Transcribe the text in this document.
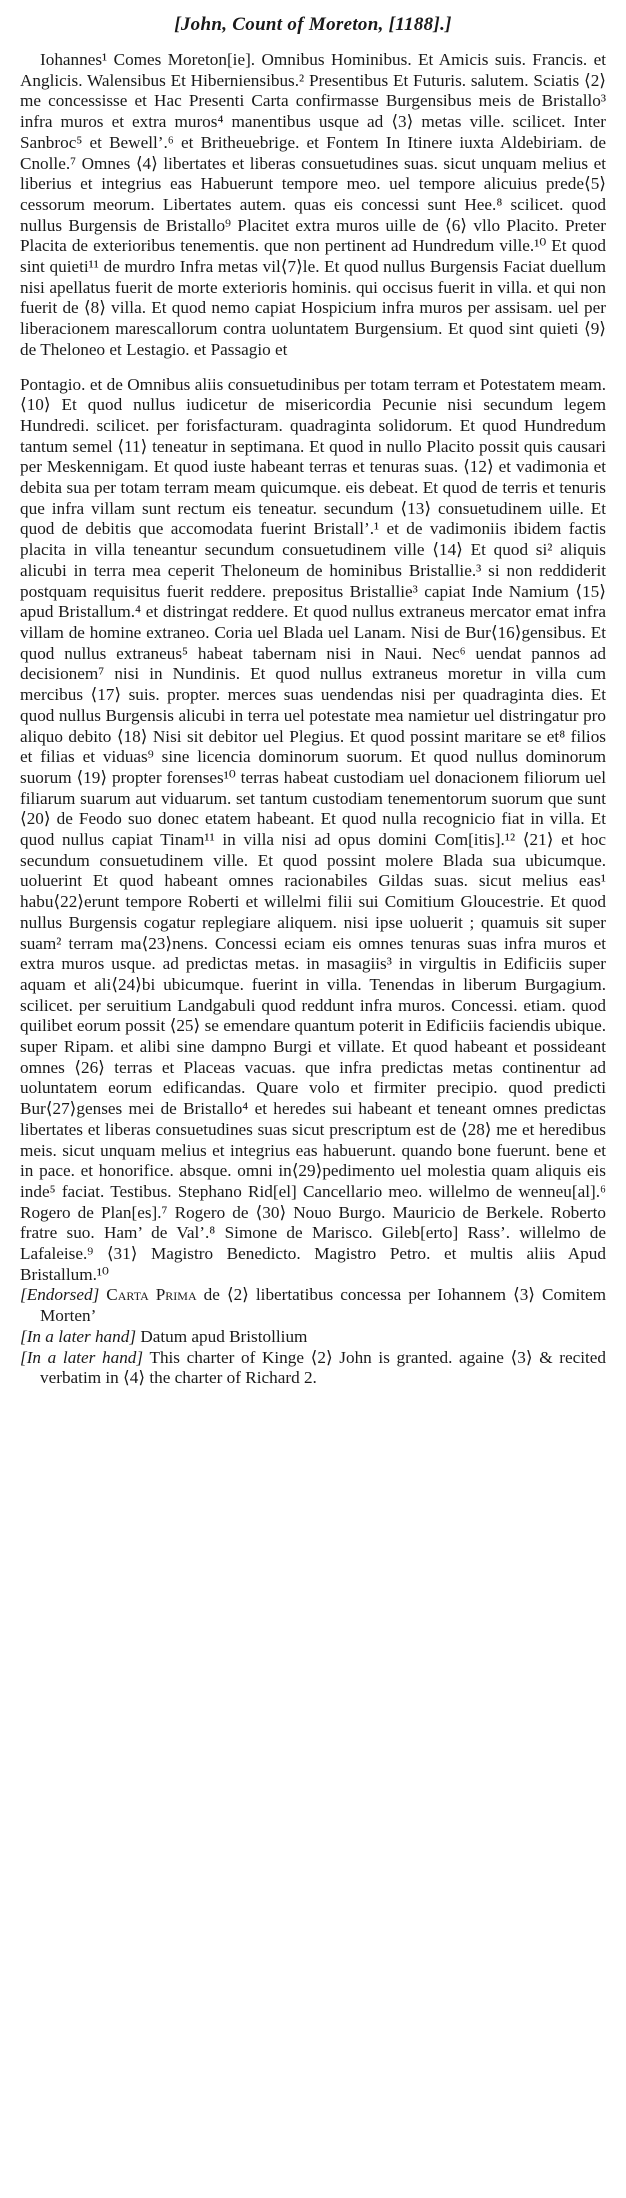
[John, Count of Moreton, [1188].]

Iohannes¹ Comes Moreton[ie]. Omnibus Hominibus. Et Amicis suis. Francis. et Anglicis. Walensibus Et Hiberniensibus.² Presentibus Et Futuris. salutem. Sciatis ⟨2⟩ me concessisse et Hac Presenti Carta confirmasse Burgensibus meis de Bristallo³ infra muros et extra muros⁴ manentibus usque ad ⟨3⟩ metas ville. scilicet. Inter Sanbroc⁵ et Bewell’.⁶ et Britheuebrige. et Fontem In Itinere iuxta Aldebiriam. de Cnolle.⁷ Omnes ⟨4⟩ libertates et liberas consuetudines suas. sicut unquam melius et liberius et integrius eas Habuerunt tempore meo. uel tempore alicuius prede⟨5⟩cessorum meorum. Libertates autem. quas eis concessi sunt Hee.⁸ scilicet. quod nullus Burgensis de Bristallo⁹ Placitet extra muros uille de ⟨6⟩ vllo Placito. Preter Placita de exterioribus tenementis. que non pertinent ad Hundredum ville.¹⁰ Et quod sint quieti¹¹ de murdro Infra metas vil⟨7⟩le. Et quod nullus Burgensis Faciat duellum nisi apellatus fuerit de morte exterioris hominis. qui occisus fuerit in villa. et qui non fuerit de ⟨8⟩ villa. Et quod nemo capiat Hospicium infra muros per assisam. uel per liberacionem marescallorum contra uoluntatem Burgensium. Et quod sint quieti ⟨9⟩ de Theloneo et Lestagio. et Passagio et

Pontagio. et de Omnibus aliis consuetudinibus per totam terram et Potestatem meam. ⟨10⟩ Et quod nullus iudicetur de misericordia Pecunie nisi secundum legem Hundredi. scilicet. per forisfacturam. quadraginta solidorum. Et quod Hundredum tantum semel ⟨11⟩ teneatur in septimana. Et quod in nullo Placito possit quis causari per Meskennigam. Et quod iuste habeant terras et tenuras suas. ⟨12⟩ et vadimonia et debita sua per totam terram meam quicumque. eis debeat. Et quod de terris et tenuris que infra villam sunt rectum eis teneatur. secundum ⟨13⟩ consuetudinem uille. Et quod de debitis que accomodata fuerint Bristall’.¹ et de vadimoniis ibidem factis placita in villa teneantur secundum consuetudinem ville ⟨14⟩ Et quod si² aliquis alicubi in terra mea ceperit Theloneum de hominibus Bristallie.³ si non reddiderit postquam requisitus fuerit reddere. prepositus Bristallie³ capiat Inde Namium ⟨15⟩ apud Bristallum.⁴ et distringat reddere. Et quod nullus extraneus mercator emat infra villam de homine extraneo. Coria uel Blada uel Lanam. Nisi de Bur⟨16⟩gensibus. Et quod nullus extraneus⁵ habeat tabernam nisi in Naui. Nec⁶ uendat pannos ad decisionem⁷ nisi in Nundinis. Et quod nullus extraneus moretur in villa cum mercibus ⟨17⟩ suis. propter. merces suas uendendas nisi per quadraginta dies. Et quod nullus Burgensis alicubi in terra uel potestate mea namietur uel distringatur pro aliquo debito ⟨18⟩ Nisi sit debitor uel Plegius. Et quod possint maritare se et⁸ filios et filias et viduas⁹ sine licencia dominorum suorum. Et quod nullus dominorum suorum ⟨19⟩ propter forenses¹⁰ terras habeat custodiam uel donacionem filiorum uel filiarum suarum aut viduarum. set tantum custodiam tenementorum suorum que sunt ⟨20⟩ de Feodo suo donec etatem habeant. Et quod nulla recognicio fiat in villa. Et quod nullus capiat Tinam¹¹ in villa nisi ad opus domini Com[itis].¹² ⟨21⟩ et hoc secundum consuetudinem ville. Et quod possint molere Blada sua ubicumque. uoluerint Et quod habeant omnes racionabiles Gildas suas. sicut melius eas¹ habu⟨22⟩erunt tempore Roberti et willelmi filii sui Comitium Gloucestrie. Et quod nullus Burgensis cogatur replegiare aliquem. nisi ipse uoluerit ; quamuis sit super suam² terram ma⟨23⟩nens. Concessi eciam eis omnes tenuras suas infra muros et extra muros usque. ad predictas metas. in masagiis³ in virgultis in Edificiis super aquam et ali⟨24⟩bi ubicumque. fuerint in villa. Tenendas in liberum Burgagium. scilicet. per seruitium Landgabuli quod reddunt infra muros. Concessi. etiam. quod quilibet eorum possit ⟨25⟩ se emendare quantum poterit in Edificiis faciendis ubique. super Ripam. et alibi sine dampno Burgi et villate. Et quod habeant et possideant omnes ⟨26⟩ terras et Placeas vacuas. que infra predictas metas continentur ad uoluntatem eorum edificandas. Quare volo et firmiter precipio. quod predicti Bur⟨27⟩genses mei de Bristallo⁴ et heredes sui habeant et teneant omnes predictas libertates et liberas consuetudines suas sicut prescriptum est de ⟨28⟩ me et heredibus meis. sicut unquam melius et integrius eas habuerunt. quando bone fuerunt. bene et in pace. et honorifice. absque. omni in⟨29⟩pedimento uel molestia quam aliquis eis inde⁵ faciat. Testibus. Stephano Rid[el] Cancellario meo. willelmo de wenneu[al].⁶ Rogero de Plan[es].⁷ Rogero de ⟨30⟩ Nouo Burgo. Mauricio de Berkele. Roberto fratre suo. Ham’ de Val’.⁸ Simone de Marisco. Gileb[erto] Rass’. willelmo de Lafaleise.⁹ ⟨31⟩ Magistro Benedicto. Magistro Petro. et multis aliis Apud Bristallum.¹⁰

[Endorsed] Carta Prima de ⟨2⟩ libertatibus concessa per Iohannem ⟨3⟩ Comitem Morten’

[In a later hand] Datum apud Bristollium

[In a later hand] This charter of Kinge ⟨2⟩ John is granted. againe ⟨3⟩ & recited verbatim in ⟨4⟩ the charter of Richard 2.
